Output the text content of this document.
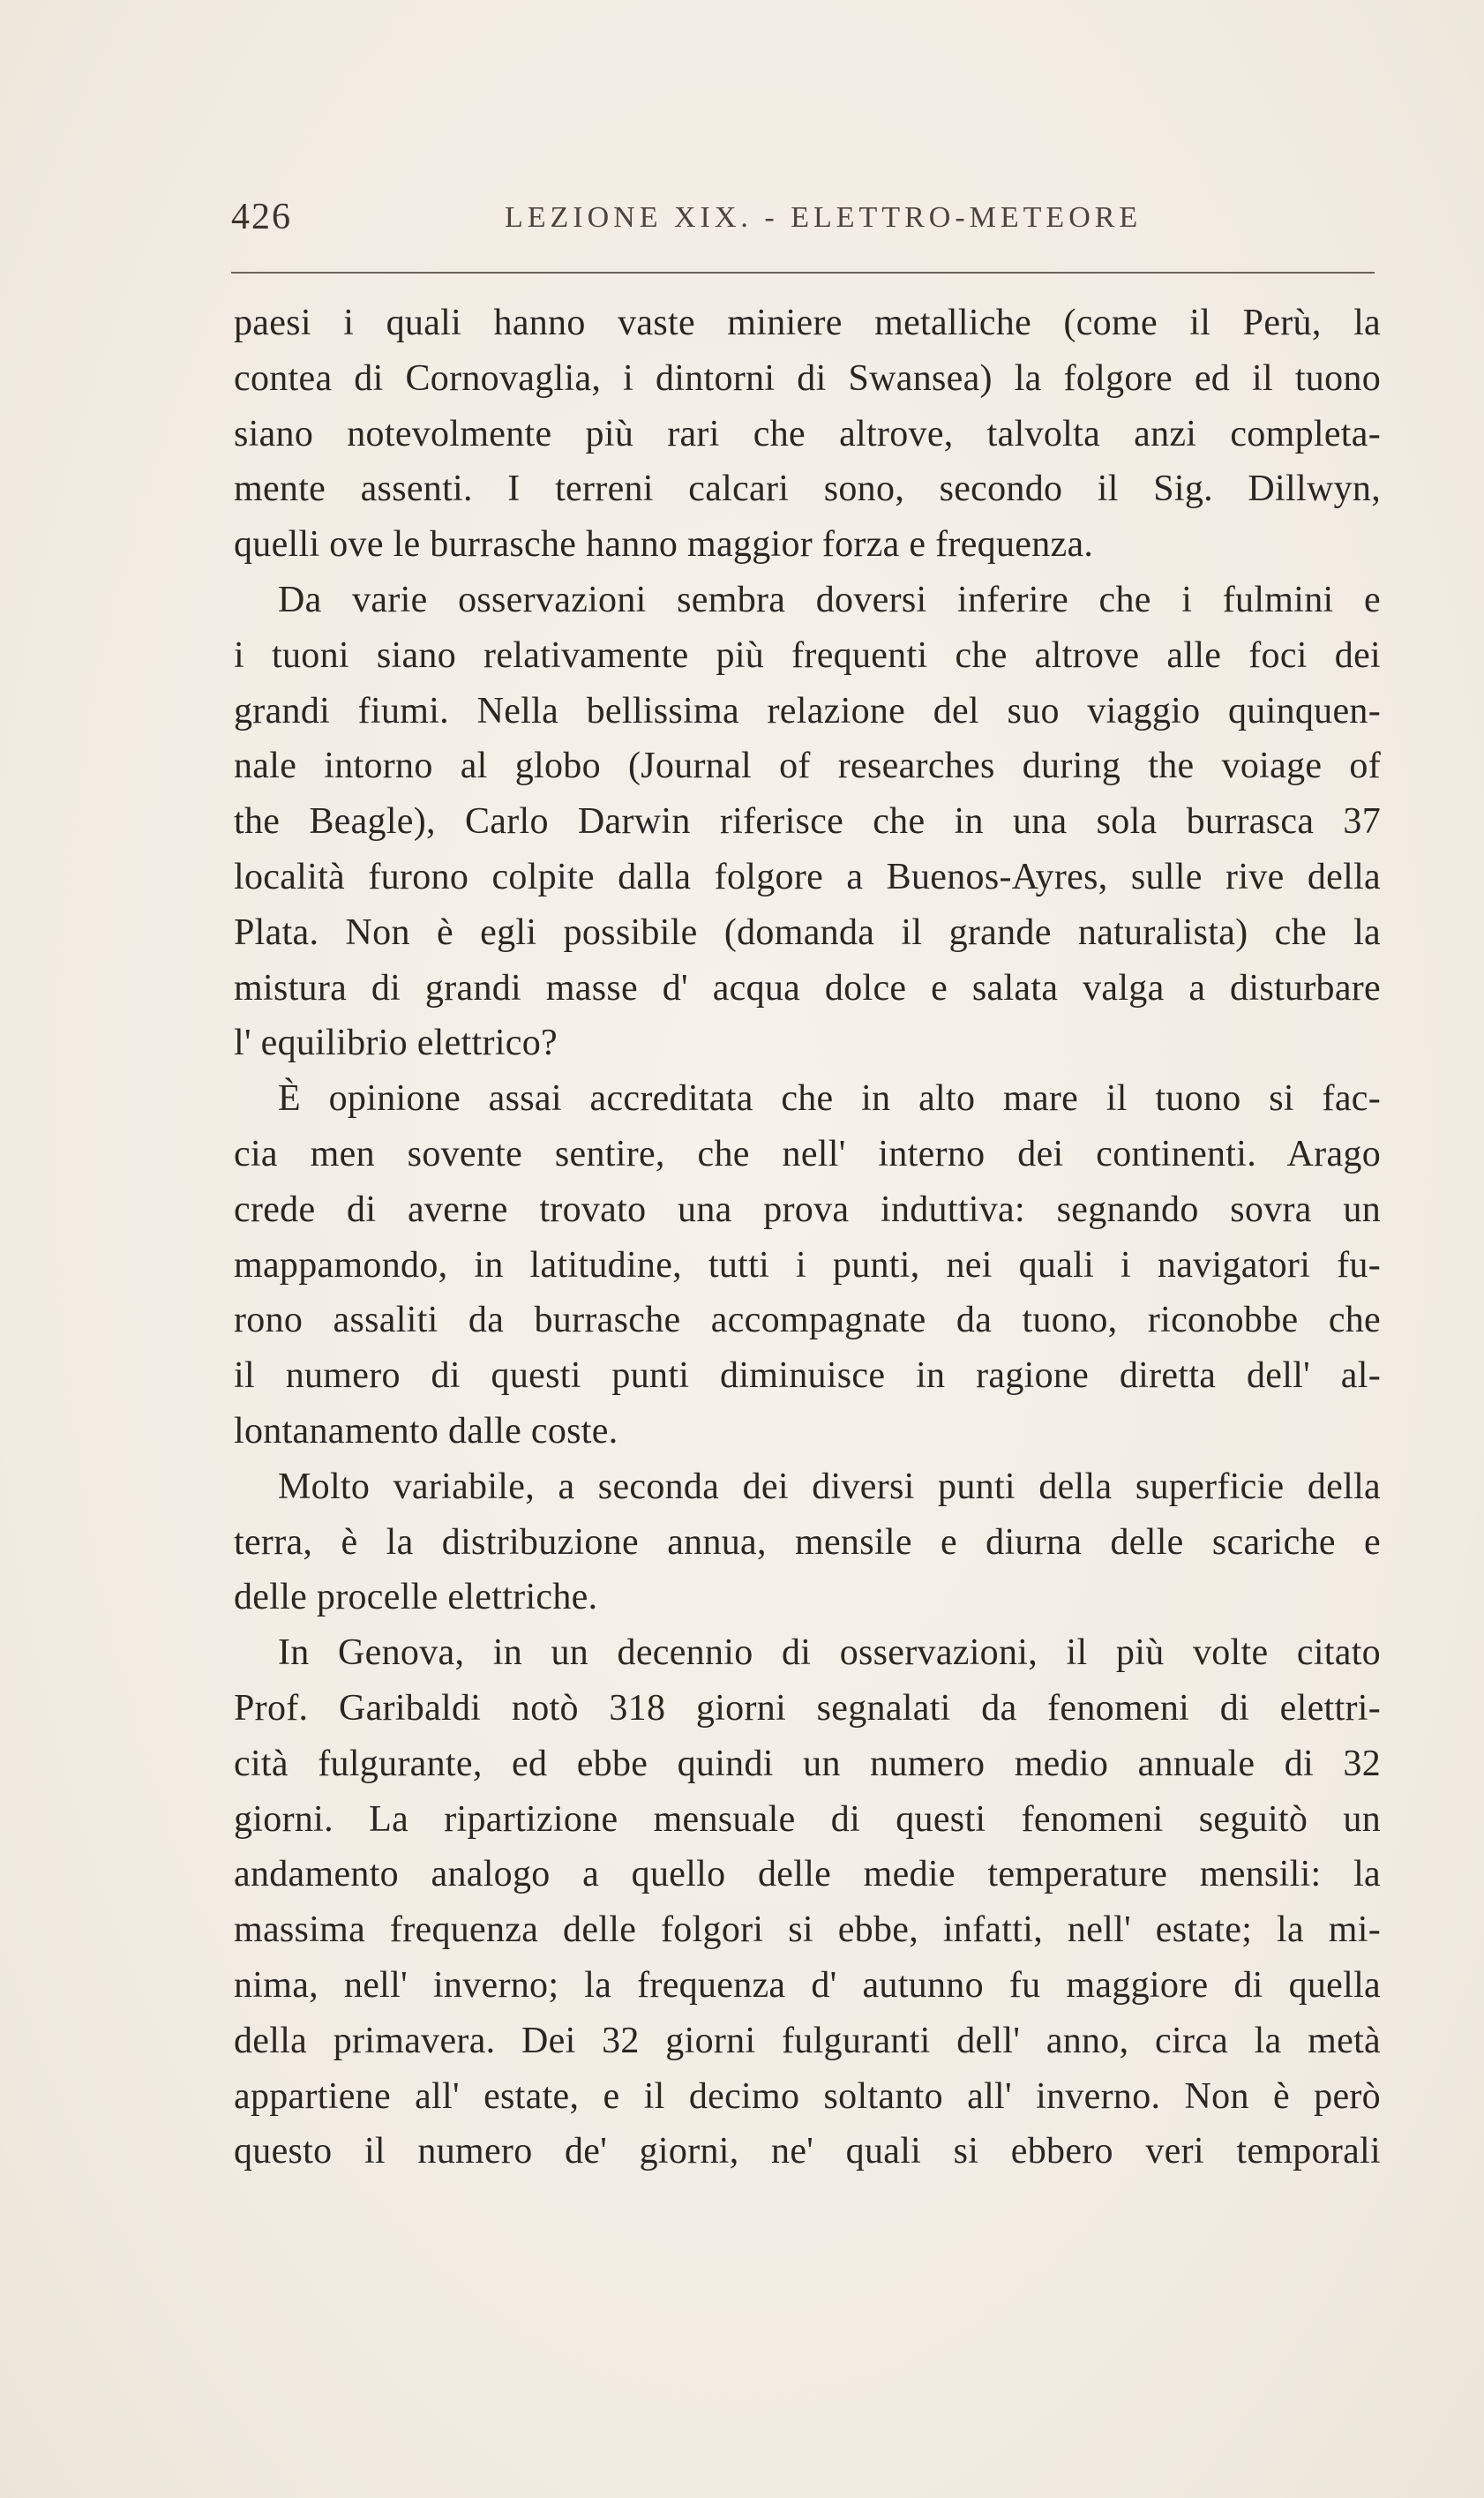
426	LEZIONE XIX. - ELETTRO-METEORE
paesi i quali hanno vaste miniere metalliche (come il Perù, la
contea di Cornovaglia, i dintorni di Swansea) la folgore ed il tuono
siano notevolmente più rari che altrove, talvolta anzi completa-
mente assenti. I terreni calcari sono, secondo il Sig. Dillwyn,
quelli ove le burrasche hanno maggior forza e frequenza.
Da varie osservazioni sembra doversi inferire che i fulmini e
i tuoni siano relativamente più frequenti che altrove alle foci dei
grandi fiumi. Nella bellissima relazione del suo viaggio quinquen-
nale intorno al globo (Journal of researches during the voiage of
the Beagle), Carlo Darwin riferisce che in una sola burrasca 37
località furono colpite dalla folgore a Buenos-Ayres, sulle rive della
Plata. Non è egli possibile (domanda il grande naturalista) che la
mistura di grandi masse d' acqua dolce e salata valga a disturbare
l' equilibrio elettrico?
È opinione assai accreditata che in alto mare il tuono si fac-
cia men sovente sentire, che nell' interno dei continenti. Arago
crede di averne trovato una prova induttiva: segnando sovra un
mappamondo, in latitudine, tutti i punti, nei quali i navigatori fu-
rono assaliti da burrasche accompagnate da tuono, riconobbe che
il numero di questi punti diminuisce in ragione diretta dell' al-
lontanamento dalle coste.
Molto variabile, a seconda dei diversi punti della superficie della
terra, è la distribuzione annua, mensile e diurna delle scariche e
delle procelle elettriche.
In Genova, in un decennio di osservazioni, il più volte citato
Prof. Garibaldi notò 318 giorni segnalati da fenomeni di elettri-
cità fulgurante, ed ebbe quindi un numero medio annuale di 32
giorni. La ripartizione mensuale di questi fenomeni seguitò un
andamento analogo a quello delle medie temperature mensili: la
massima frequenza delle folgori si ebbe, infatti, nell' estate; la mi-
nima, nell' inverno; la frequenza d' autunno fu maggiore di quella
della primavera. Dei 32 giorni fulguranti dell' anno, circa la metà
appartiene all' estate, e il decimo soltanto all' inverno. Non è però
questo il numero de' giorni, ne' quali si ebbero veri temporali
